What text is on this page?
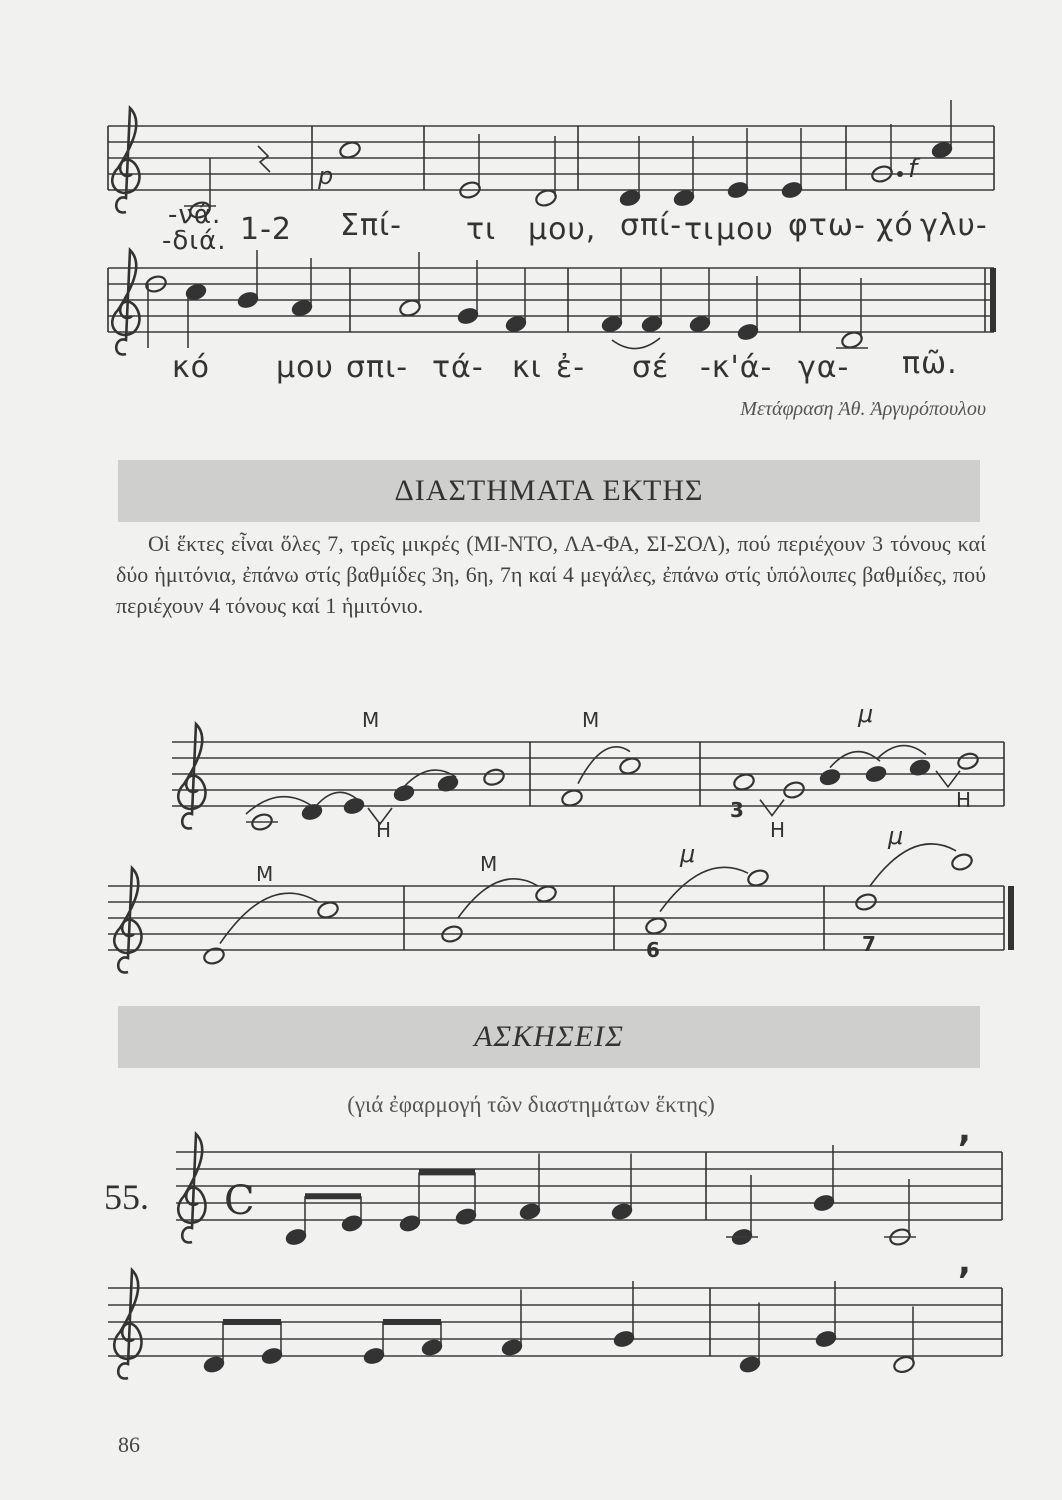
-νά.
-διά. 1-2 Σπί- τι μου, σπί- τι μου φτω- χό γλυ-
p	f
κό μου σπι- τά- κι ἐ- σέ -κ'ά- γα- πῶ.
Μετάφραση Ἀθ. Ἀργυρόπουλου
ΔΙΑΣΤΗΜΑΤΑ ΕΚΤΗΣ
Οἱ ἕκτες εἶναι ὅλες 7, τρεῖς μικρές (ΜΙ-ΝΤΟ, ΛΑ-ΦΑ, ΣΙ-ΣΟΛ), πού περιέχουν 3 τόνους καί δύο ἡμιτόνια, ἐπάνω στίς βαθμίδες 3η, 6η, 7η καί 4 μεγάλες, ἐπάνω στίς ὑπόλοιπες βαθμίδες, πού περιέχουν 4 τόνους καί 1 ἡμιτόνιο.
Μ	Μ	μ
Η	Η
Η
3
Μ	Μ	μ
μ
6	7
ΑΣΚΗΣΕΙΣ
(γιά ἐφαρμογή τῶν διαστημάτων ἕκτης)
55. C
,
,
86
